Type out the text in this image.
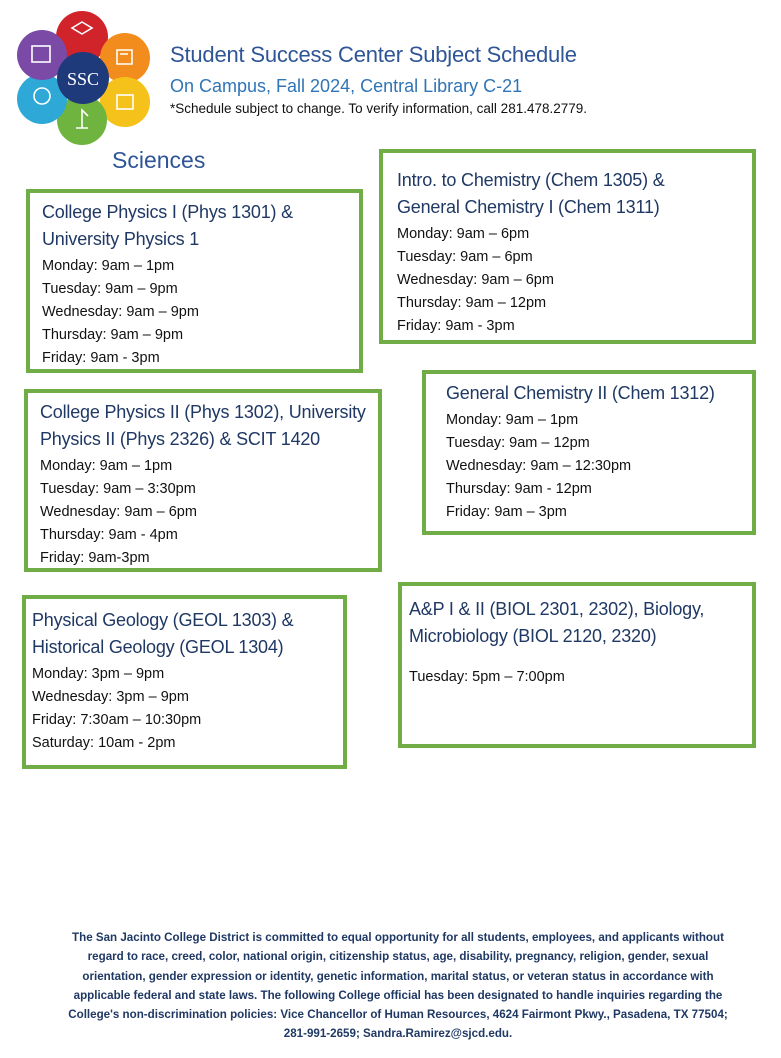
SSC
Student Success Center Subject Schedule
On Campus, Fall 2024, Central Library C-21
*Schedule subject to change. To verify information, call 281.478.2779.
Sciences
College Physics I (Phys 1301) &
University Physics 1
Monday: 9am – 1pm
Tuesday: 9am – 9pm
Wednesday: 9am – 9pm
Thursday: 9am – 9pm
Friday: 9am - 3pm
Intro. to Chemistry (Chem 1305) &
General Chemistry I (Chem 1311)
Monday: 9am – 6pm
Tuesday: 9am – 6pm
Wednesday: 9am – 6pm
Thursday: 9am – 12pm
Friday: 9am - 3pm
College Physics II (Phys 1302), University
Physics II (Phys 2326) & SCIT 1420
Monday: 9am – 1pm
Tuesday: 9am – 3:30pm
Wednesday: 9am – 6pm
Thursday: 9am - 4pm
Friday: 9am-3pm
General Chemistry II (Chem 1312)
Monday: 9am – 1pm
Tuesday: 9am – 12pm
Wednesday: 9am – 12:30pm
Thursday: 9am - 12pm
Friday: 9am – 3pm
Physical Geology (GEOL 1303) &
Historical Geology (GEOL 1304)
Monday: 3pm – 9pm
Wednesday: 3pm – 9pm
Friday: 7:30am – 10:30pm
Saturday: 10am - 2pm
A&P I & II (BIOL 2301, 2302), Biology,
Microbiology (BIOL 2120, 2320)
Tuesday: 5pm – 7:00pm
The San Jacinto College District is committed to equal opportunity for all students, employees, and applicants without
regard to race, creed, color, national origin, citizenship status, age, disability, pregnancy, religion, gender, sexual
orientation, gender expression or identity, genetic information, marital status, or veteran status in accordance with
applicable federal and state laws. The following College official has been designated to handle inquiries regarding the
College's non-discrimination policies: Vice Chancellor of Human Resources, 4624 Fairmont Pkwy., Pasadena, TX 77504;
281-991-2659; Sandra.Ramirez@sjcd.edu.
